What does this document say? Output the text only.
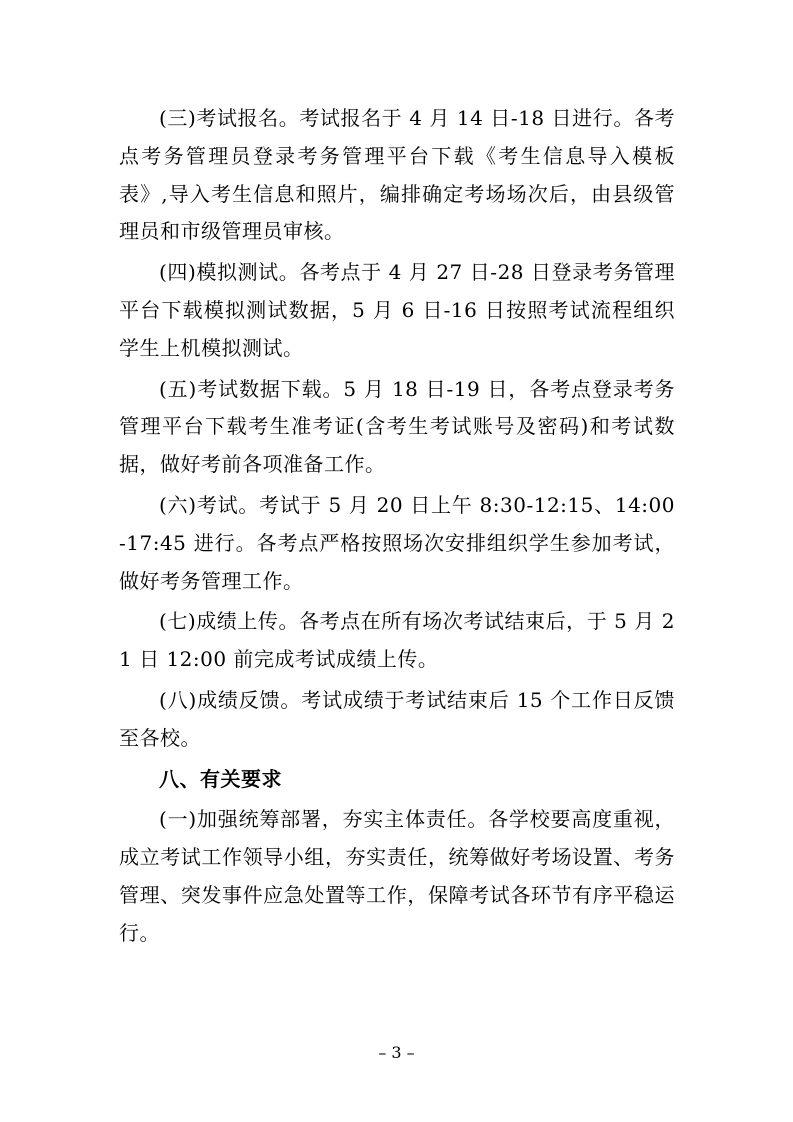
(三)考试报名。考试报名于 4 月 14 日-18 日进行。各考点考务管理员登录考务管理平台下载《考生信息导入模板表》,导入考生信息和照片，编排确定考场场次后，由县级管理员和市级管理员审核。

(四)模拟测试。各考点于 4 月 27 日-28 日登录考务管理平台下载模拟测试数据，5 月 6 日-16 日按照考试流程组织学生上机模拟测试。

(五)考试数据下载。5 月 18 日-19 日，各考点登录考务管理平台下载考生准考证(含考生考试账号及密码)和考试数据，做好考前各项准备工作。

(六)考试。考试于 5 月 20 日上午 8:30-12:15、14:00-17:45 进行。各考点严格按照场次安排组织学生参加考试，做好考务管理工作。

(七)成绩上传。各考点在所有场次考试结束后，于 5 月 21 日 12:00 前完成考试成绩上传。

(八)成绩反馈。考试成绩于考试结束后 15 个工作日反馈至各校。

八、有关要求

(一)加强统筹部署，夯实主体责任。各学校要高度重视，成立考试工作领导小组，夯实责任，统筹做好考场设置、考务管理、突发事件应急处置等工作，保障考试各环节有序平稳运行。

– 3 –
